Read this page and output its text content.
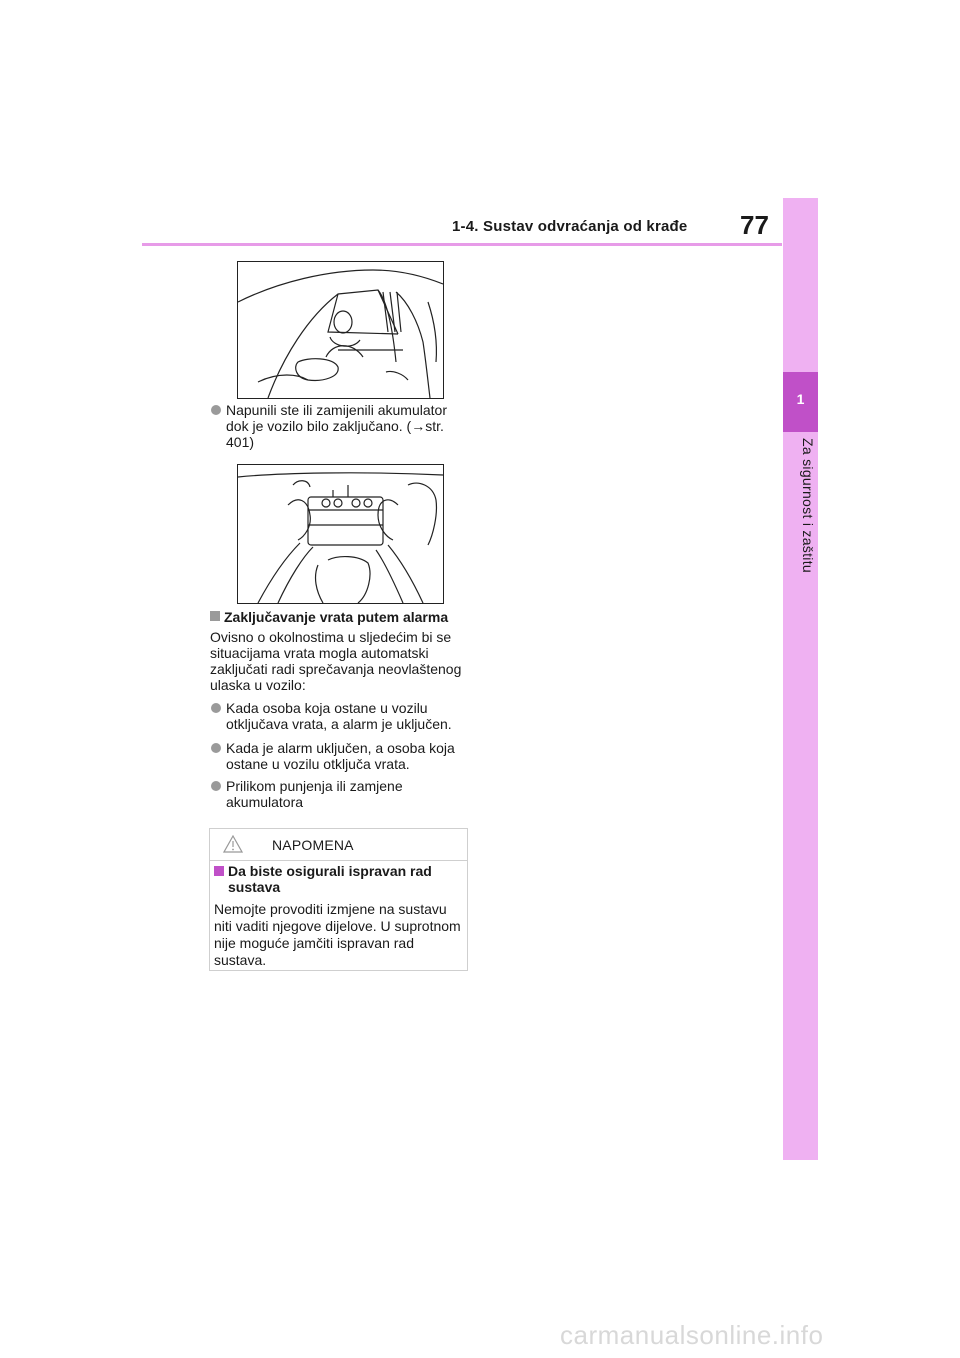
1-4. Sustav odvraćanja od krađe 77
1
Za sigurnost i zaštitu
Napunili ste ili zamijenili akumulator dok je vozilo bilo zaključano. (→str. 401)
Zaključavanje vrata putem alarma
Ovisno o okolnostima u sljedećim bi se situacijama vrata mogla automatski zaključati radi sprečavanja neovlaštenog ulaska u vozilo:
Kada osoba koja ostane u vozilu otključava vrata, a alarm je uključen.
Kada je alarm uključen, a osoba koja ostane u vozilu otključa vrata.
Prilikom punjenja ili zamjene akumulatora
NAPOMENA
Da biste osigurali ispravan rad sustava
Nemojte provoditi izmjene na sustavu niti vaditi njegove dijelove. U suprotnom nije moguće jamčiti ispravan rad sustava.
carmanualsonline.info
